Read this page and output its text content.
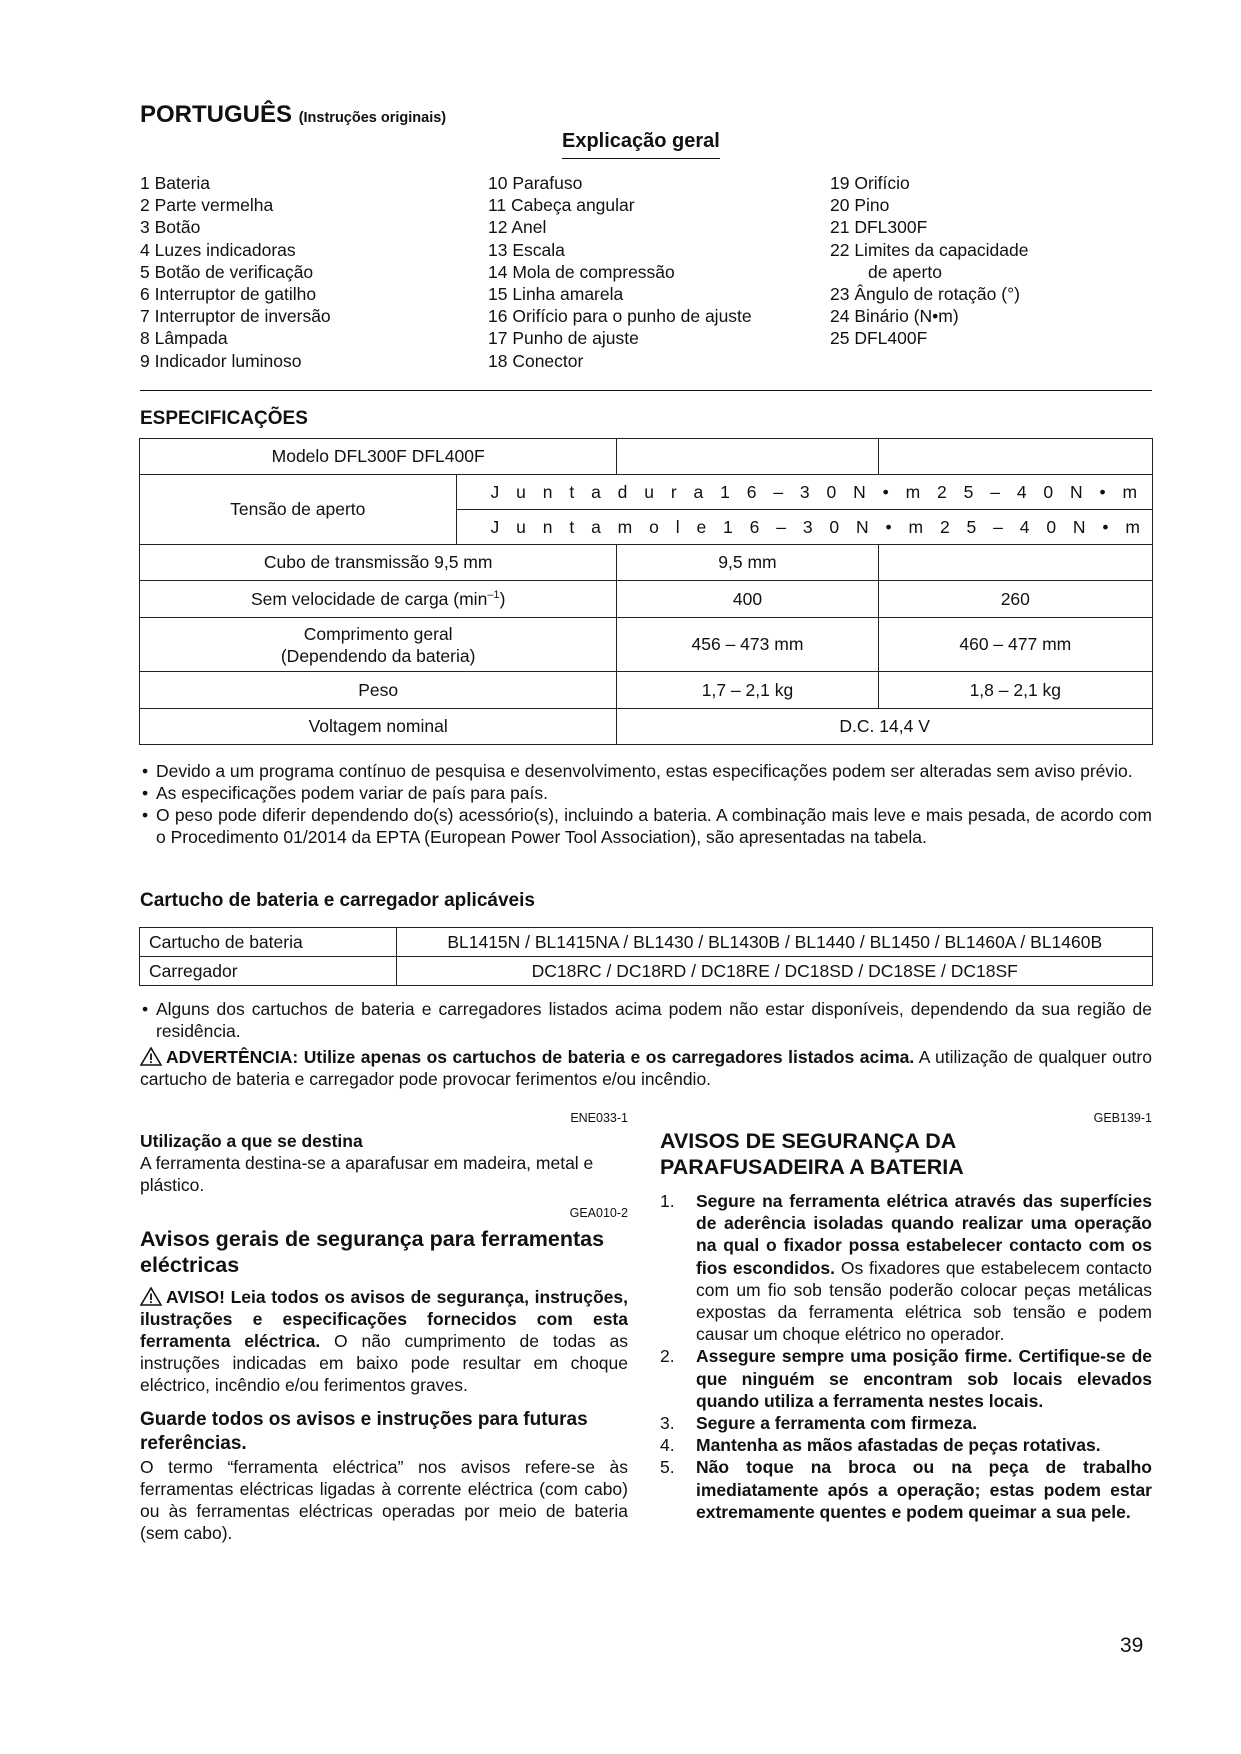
PORTUGUÊS (Instruções originais)
Explicação geral
1 Bateria
2 Parte vermelha
3 Botão
4 Luzes indicadoras
5 Botão de verificação
6 Interruptor de gatilho
7 Interruptor de inversão
8 Lâmpada
9 Indicador luminoso
10 Parafuso
11 Cabeça angular
12 Anel
13 Escala
14 Mola de compressão
15 Linha amarela
16 Orifício para o punho de ajuste
17 Punho de ajuste
18 Conector
19 Orifício
20 Pino
21 DFL300F
22 Limites da capacidade
de aperto
23 Ângulo de rotação (°)
24 Binário (N•m)
25 DFL400F
ESPECIFICAÇÕES
Modelo DFL300F DFL400F			
Tensão de aperto	J u n t a d u r a 1 6 – 3 0 N • m 2 5 – 4 0 N • m		
	J u n t a m o l e 1 6 – 3 0 N • m 2 5 – 4 0 N • m		
Cubo de transmissão 9,5 mm		9,5 mm	
Sem velocidade de carga $(\min^{-1})$		400	260

Comprimento geral
(Dependendo da bateria)		456 – 473 mm	460 – 477 mm
Peso		1,7 – 2,1 kg	1,8 – 2,1 kg
Voltagem nominal		D.C. 14,4 V	
• Devido a um programa contínuo de pesquisa e desenvolvimento, estas especificações podem ser alteradas sem aviso prévio.
• As especificações podem variar de país para país.
• O peso pode diferir dependendo do(s) acessório(s), incluindo a bateria. A combinação mais leve e mais pesada, de acordo com o Procedimento 01/2014 da EPTA (European Power Tool Association), são apresentadas na tabela.
Cartucho de bateria e carregador aplicáveis
Cartucho de bateria	BL1415N / BL1415NA / BL1430 / BL1430B / BL1440 / BL1450 / BL1460A / BL1460B
Carregador	DC18RC / DC18RD / DC18RE / DC18SD / DC18SE / DC18SF
• Alguns dos cartuchos de bateria e carregadores listados acima podem não estar disponíveis, dependendo da sua região de residência.
ADVERTÊNCIA: Utilize apenas os cartuchos de bateria e os carregadores listados acima. A utilização de qualquer outro cartucho de bateria e carregador pode provocar ferimentos e/ou incêndio.
ENE033-1
Utilização a que se destina
A ferramenta destina-se a aparafusar em madeira, metal e plástico.
GEA010-2
Avisos gerais de segurança para ferramentas eléctricas
AVISO! Leia todos os avisos de segurança, instruções, ilustrações e especificações fornecidos com esta ferramenta eléctrica. O não cumprimento de todas as instruções indicadas em baixo pode resultar em choque eléctrico, incêndio e/ou ferimentos graves.
Guarde todos os avisos e instruções para futuras referências.
O termo “ferramenta eléctrica” nos avisos refere-se às ferramentas eléctricas ligadas à corrente eléctrica (com cabo) ou às ferramentas eléctricas operadas por meio de bateria (sem cabo).
GEB139-1
AVISOS DE SEGURANÇA DA
PARAFUSADEIRA A BATERIA
1. Segure na ferramenta elétrica através das superfícies de aderência isoladas quando realizar uma operação na qual o fixador possa estabelecer contacto com os fios escondidos. Os fixadores que estabelecem contacto com um fio sob tensão poderão colocar peças metálicas expostas da ferramenta elétrica sob tensão e podem causar um choque elétrico no operador.
2. Assegure sempre uma posição firme. Certifique-se de que ninguém se encontram sob locais elevados quando utiliza a ferramenta nestes locais.
3. Segure a ferramenta com firmeza.
4. Mantenha as mãos afastadas de peças rotativas.
5. Não toque na broca ou na peça de trabalho imediatamente após a operação; estas podem estar extremamente quentes e podem queimar a sua pele.
39
